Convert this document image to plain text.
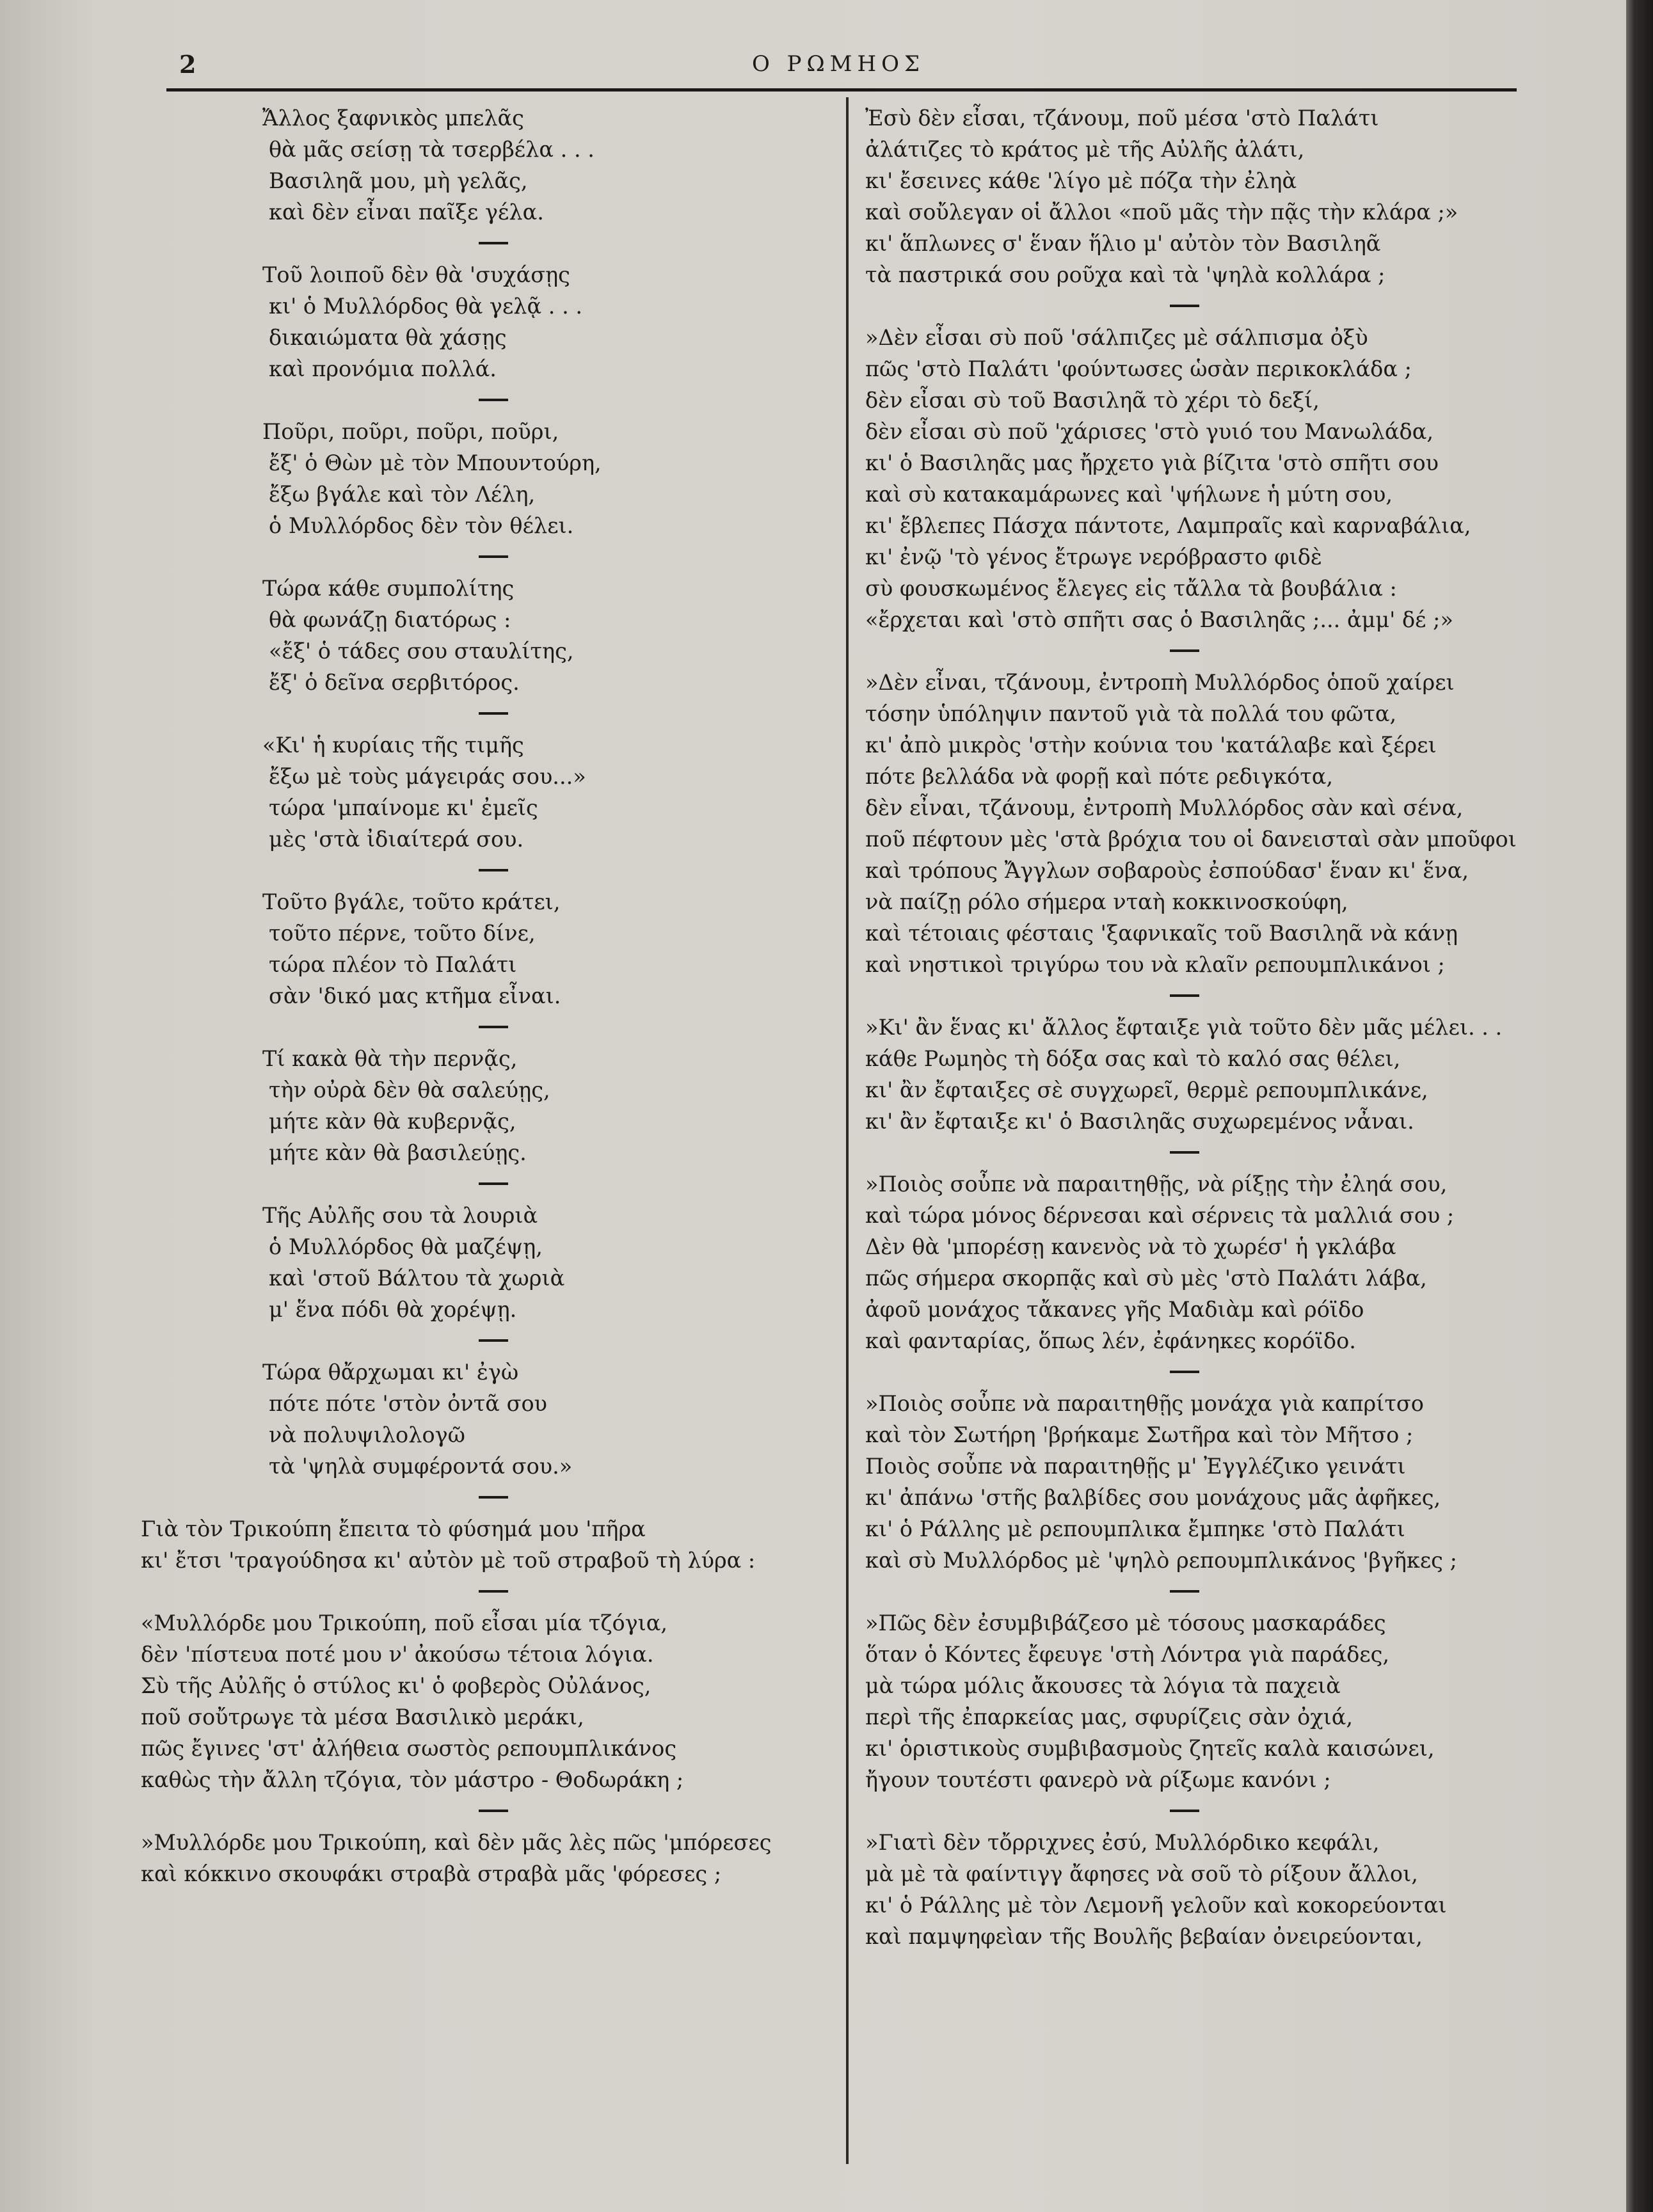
2	Ο ΡΩΜΗΟΣ
Ἄλλος ξαφνικὸς μπελᾶς
θὰ μᾶς σείσῃ τὰ τσερβέλα . . .
Βασιληᾶ μου, μὴ γελᾶς,
καὶ δὲν εἶναι παῖξε γέλα.
Τοῦ λοιποῦ δὲν θὰ 'συχάσῃς
κι' ὁ Μυλλόρδος θὰ γελᾷ . . .
δικαιώματα θὰ χάσῃς
καὶ προνόμια πολλά.
Ποῦρι, ποῦρι, ποῦρι, ποῦρι,
ἔξ' ὁ Θὼν μὲ τὸν Μπουντούρη,
ἔξω βγάλε καὶ τὸν Λέλη,
ὁ Μυλλόρδος δὲν τὸν θέλει.
Τώρα κάθε συμπολίτης
θὰ φωνάζῃ διατόρως :
«ἔξ' ὁ τάδες σου σταυλίτης,
ἔξ' ὁ δεῖνα σερβιτόρος.
«Κι' ἡ κυρίαις τῆς τιμῆς
ἔξω μὲ τοὺς μάγειράς σου...»
τώρα 'μπαίνομε κι' ἐμεῖς
μὲς 'στὰ ἰδιαίτερά σου.
Τοῦτο βγάλε, τοῦτο κράτει,
τοῦτο πέρνε, τοῦτο δίνε,
τώρα πλέον τὸ Παλάτι
σὰν 'δικό μας κτῆμα εἶναι.
Τί κακὰ θὰ τὴν περνᾷς,
τὴν οὐρὰ δὲν θὰ σαλεύῃς,
μήτε κὰν θὰ κυβερνᾷς,
μήτε κὰν θὰ βασιλεύῃς.
Τῆς Αὐλῆς σου τὰ λουριὰ
ὁ Μυλλόρδος θὰ μαζέψῃ,
καὶ 'στοῦ Βάλτου τὰ χωριὰ
μ' ἕνα πόδι θὰ χορέψῃ.
Τώρα θἄρχωμαι κι' ἐγὼ
πότε πότε 'στὸν ὀντᾶ σου
νὰ πολυψιλολογῶ
τὰ 'ψηλὰ συμφέροντά σου.»
Γιὰ τὸν Τρικούπη ἔπειτα τὸ φύσημά μου 'πῆρα
κι' ἔτσι 'τραγούδησα κι' αὐτὸν μὲ τοῦ στραβοῦ τὴ λύρα :
«Μυλλόρδε μου Τρικούπη, ποῦ εἶσαι μία τζόγια,
δὲν 'πίστευα ποτέ μου ν' ἀκούσω τέτοια λόγια.
Σὺ τῆς Αὐλῆς ὁ στύλος κι' ὁ φοβερὸς Οὐλάνος,
ποῦ σοὔτρωγε τὰ μέσα Βασιλικὸ μεράκι,
πῶς ἔγινες 'στ' ἀλήθεια σωστὸς ρεπουμπλικάνος
καθὼς τὴν ἄλλη τζόγια, τὸν μάστρο - Θοδωράκη ;
»Μυλλόρδε μου Τρικούπη, καὶ δὲν μᾶς λὲς πῶς 'μπόρεσες
καὶ κόκκινο σκουφάκι στραβὰ στραβὰ μᾶς 'φόρεσες ;
Ἐσὺ δὲν εἶσαι, τζάνουμ, ποῦ μέσα 'στὸ Παλάτι
ἀλάτιζες τὸ κράτος μὲ τῆς Αὐλῆς ἀλάτι,
κι' ἔσεινες κάθε 'λίγο μὲ πόζα τὴν ἐληὰ
καὶ σοὔλεγαν οἱ ἄλλοι «ποῦ μᾶς τὴν πᾷς τὴν κλάρα ;»
κι' ἅπλωνες σ' ἕναν ἥλιο μ' αὐτὸν τὸν Βασιληᾶ
τὰ παστρικά σου ροῦχα καὶ τὰ 'ψηλὰ κολλάρα ;
»Δὲν εἶσαι σὺ ποῦ 'σάλπιζες μὲ σάλπισμα ὀξὺ
πῶς 'στὸ Παλάτι 'φούντωσες ὡσὰν περικοκλάδα ;
δὲν εἶσαι σὺ τοῦ Βασιληᾶ τὸ χέρι τὸ δεξί,
δὲν εἶσαι σὺ ποῦ 'χάρισες 'στὸ γυιό του Μανωλάδα,
κι' ὁ Βασιληᾶς μας ἤρχετο γιὰ βίζιτα 'στὸ σπῆτι σου
καὶ σὺ κατακαμάρωνες καὶ 'ψήλωνε ἡ μύτη σου,
κι' ἔβλεπες Πάσχα πάντοτε, Λαμπραῖς καὶ καρναβάλια,
κι' ἐνῷ 'τὸ γένος ἔτρωγε νερόβραστο φιδὲ
σὺ φουσκωμένος ἔλεγες εἰς τἄλλα τὰ βουβάλια :
«ἔρχεται καὶ 'στὸ σπῆτι σας ὁ Βασιληᾶς ;... ἀμμ' δέ ;»
»Δὲν εἶναι, τζάνουμ, ἐντροπὴ Μυλλόρδος ὁποῦ χαίρει
τόσην ὑπόληψιν παντοῦ γιὰ τὰ πολλά του φῶτα,
κι' ἀπὸ μικρὸς 'στὴν κούνια του 'κατάλαβε καὶ ξέρει
πότε βελλάδα νὰ φορῇ καὶ πότε ρεδιγκότα,
δὲν εἶναι, τζάνουμ, ἐντροπὴ Μυλλόρδος σὰν καὶ σένα,
ποῦ πέφτουν μὲς 'στὰ βρόχια του οἱ δανεισταὶ σὰν μποῦφοι
καὶ τρόπους Ἄγγλων σοβαροὺς ἐσπούδασ' ἕναν κι' ἕνα,
νὰ παίζῃ ρόλο σήμερα νταὴ κοκκινοσκούφη,
καὶ τέτοιαις φέσταις 'ξαφνικαῖς τοῦ Βασιληᾶ νὰ κάνῃ
καὶ νηστικοὶ τριγύρω του νὰ κλαῖν ρεπουμπλικάνοι ;
»Κι' ἂν ἕνας κι' ἄλλος ἔφταιξε γιὰ τοῦτο δὲν μᾶς μέλει. . .
κάθε Ρωμηὸς τὴ δόξα σας καὶ τὸ καλό σας θέλει,
κι' ἂν ἔφταιξες σὲ συγχωρεῖ, θερμὲ ρεπουμπλικάνε,
κι' ἂν ἔφταιξε κι' ὁ Βασιληᾶς συχωρεμένος νἆναι.
»Ποιὸς σοὖπε νὰ παραιτηθῇς, νὰ ρίξῃς τὴν ἐληά σου,
καὶ τώρα μόνος δέρνεσαι καὶ σέρνεις τὰ μαλλιά σου ;
Δὲν θὰ 'μπορέσῃ κανενὸς νὰ τὸ χωρέσ' ἡ γκλάβα
πῶς σήμερα σκορπᾷς καὶ σὺ μὲς 'στὸ Παλάτι λάβα,
ἀφοῦ μονάχος τἄκανες γῆς Μαδιὰμ καὶ ρόϊδο
καὶ φανταρίας, ὅπως λέν, ἐφάνηκες κορόϊδο.
»Ποιὸς σοὖπε νὰ παραιτηθῇς μονάχα γιὰ καπρίτσο
καὶ τὸν Σωτήρη 'βρήκαμε Σωτῆρα καὶ τὸν Μῆτσο ;
Ποιὸς σοὖπε νὰ παραιτηθῇς μ' Ἐγγλέζικο γεινάτι
κι' ἀπάνω 'στῆς βαλβίδες σου μονάχους μᾶς ἀφῆκες,
κι' ὁ Ράλλης μὲ ρεπουμπλικα ἔμπηκε 'στὸ Παλάτι
καὶ σὺ Μυλλόρδος μὲ 'ψηλὸ ρεπουμπλικάνος 'βγῆκες ;
»Πῶς δὲν ἐσυμβιβάζεσο μὲ τόσους μασκαράδες
ὅταν ὁ Κόντες ἔφευγε 'στὴ Λόντρα γιὰ παράδες,
μὰ τώρα μόλις ἄκουσες τὰ λόγια τὰ παχειὰ
περὶ τῆς ἐπαρκείας μας, σφυρίζεις σὰν ὀχιά,
κι' ὁριστικοὺς συμβιβασμοὺς ζητεῖς καλὰ καισώνει,
ἤγουν τουτέστι φανερὸ νὰ ρίξωμε κανόνι ;
»Γιατὶ δὲν τὄρριχνες ἐσύ, Μυλλόρδικο κεφάλι,
μὰ μὲ τὰ φαίντιγγ ἄφησες νὰ σοῦ τὸ ρίξουν ἄλλοι,
κι' ὁ Ράλλης μὲ τὸν Λεμονῆ γελοῦν καὶ κοκορεύονται
καὶ παμψηφεὶαν τῆς Βουλῆς βεβαίαν ὀνειρεύονται,
